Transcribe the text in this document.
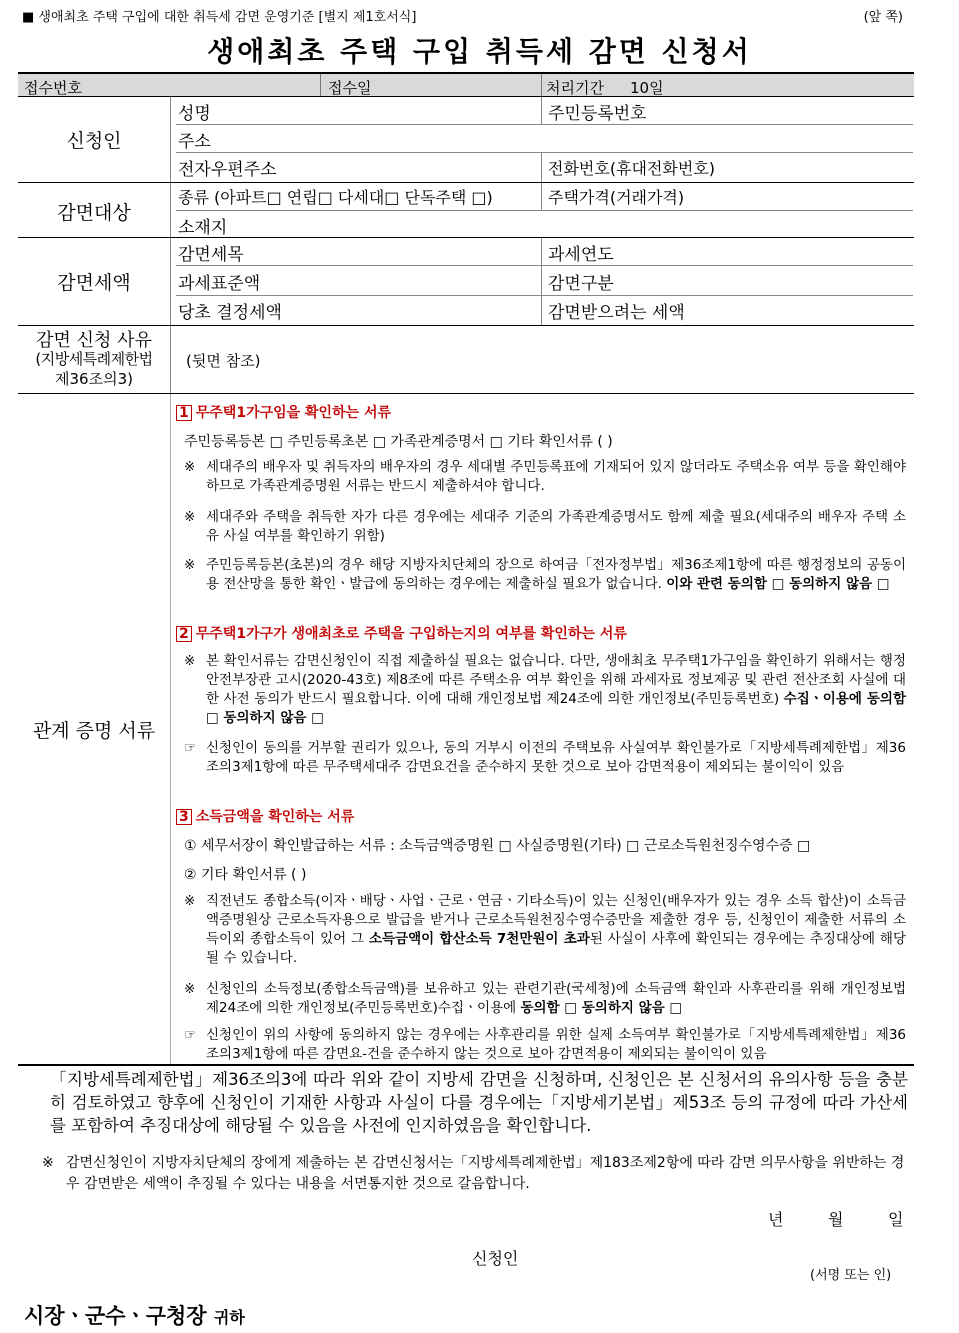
■ 생애최초 주택 구입에 대한 취득세 감면 운영기준 [별지 제1호서식]	(앞 쪽)
생애최초 주택 구입 취득세 감면 신청서
접수번호	접수일	처리기간 10일
신청인
성명	주민등록번호
주소
전자우편주소	전화번호(휴대전화번호)
감면대상
종류 (아파트□ 연립□ 다세대□ 단독주택 □)	주택가격(거래가격)
소재지
감면세액
감면세목	과세연도
과세표준액	감면구분
당초 결정세액	감면받으려는 세액
감면 신청 사유
(지방세특례제한법
제36조의3)
(뒷면 참조)
관계 증명 서류
1 무주택1가구임을 확인하는 서류
주민등록등본 □ 주민등록초본 □ 가족관계증명서 □ 기타 확인서류 ( )
※ 세대주의 배우자 및 취득자의 배우자의 경우 세대별 주민등록표에 기재되어 있지 않더라도 주택소유 여부 등을 확인해야 하므로 가족관계증명원 서류는 반드시 제출하셔야 합니다.
※ 세대주와 주택을 취득한 자가 다른 경우에는 세대주 기준의 가족관계증명서도 함께 제출 필요(세대주의 배우자 주택 소유 사실 여부를 확인하기 위함)
※ 주민등록등본(초본)의 경우 해당 지방자치단체의 장으로 하여금「전자정부법」제36조제1항에 따른 행정정보의 공동이용 전산망을 통한 확인ㆍ발급에 동의하는 경우에는 제출하실 필요가 없습니다. 이와 관련 동의함 □ 동의하지 않음 □
2 무주택1가구가 생애최초로 주택을 구입하는지의 여부를 확인하는 서류
※ 본 확인서류는 감면신청인이 직접 제출하실 필요는 없습니다. 다만, 생애최초 무주택1가구임을 확인하기 위해서는 행정안전부장관 고시(2020-43호) 제8조에 따른 주택소유 여부 확인을 위해 과세자료 정보제공 및 관련 전산조회 사실에 대한 사전 동의가 반드시 필요합니다. 이에 대해 개인정보법 제24조에 의한 개인정보(주민등록번호) 수집ㆍ이용에 동의함 □ 동의하지 않음 □
☞ 신청인이 동의를 거부할 권리가 있으나, 동의 거부시 이전의 주택보유 사실여부 확인불가로「지방세특례제한법」제36조의3제1항에 따른 무주택세대주 감면요건을 준수하지 못한 것으로 보아 감면적용이 제외되는 불이익이 있음
3 소득금액을 확인하는 서류
① 세무서장이 확인발급하는 서류 : 소득금액증명원 □ 사실증명원(기타) □ 근로소득원천징수영수증 □
② 기타 확인서류 ( )
※ 직전년도 종합소득(이자ㆍ배당ㆍ사업ㆍ근로ㆍ연금ㆍ기타소득)이 있는 신청인(배우자가 있는 경우 소득 합산)이 소득금액증명원상 근로소득자용으로 발급을 받거나 근로소득원천징수영수증만을 제출한 경우 등, 신청인이 제출한 서류의 소득이외 종합소득이 있어 그 소득금액이 합산소득 7천만원이 초과된 사실이 사후에 확인되는 경우에는 추징대상에 해당될 수 있습니다.
※ 신청인의 소득정보(종합소득금액)를 보유하고 있는 관련기관(국세청)에 소득금액 확인과 사후관리를 위해 개인정보법 제24조에 의한 개인정보(주민등록번호)수집ㆍ이용에 동의함 □ 동의하지 않음 □
☞ 신청인이 위의 사항에 동의하지 않는 경우에는 사후관리를 위한 실제 소득여부 확인불가로「지방세특례제한법」제36조의3제1항에 따른 감면요-건을 준수하지 않는 것으로 보아 감면적용이 제외되는 불이익이 있음
「지방세특례제한법」제36조의3에 따라 위와 같이 지방세 감면을 신청하며, 신청인은 본 신청서의 유의사항 등을 충분히 검토하였고 향후에 신청인이 기재한 사항과 사실이 다를 경우에는「지방세기본법」제53조 등의 규정에 따라 가산세를 포함하여 추징대상에 해당될 수 있음을 사전에 인지하였음을 확인합니다.
※ 감면신청인이 지방자치단체의 장에게 제출하는 본 감면신청서는「지방세특례제한법」제183조제2항에 따라 감면 의무사항을 위반하는 경우 감면받은 세액이 추징될 수 있다는 내용을 서면통지한 것으로 갈음합니다.
년	월	일
신청인
(서명 또는 인)
시장ㆍ군수ㆍ구청장 귀하
